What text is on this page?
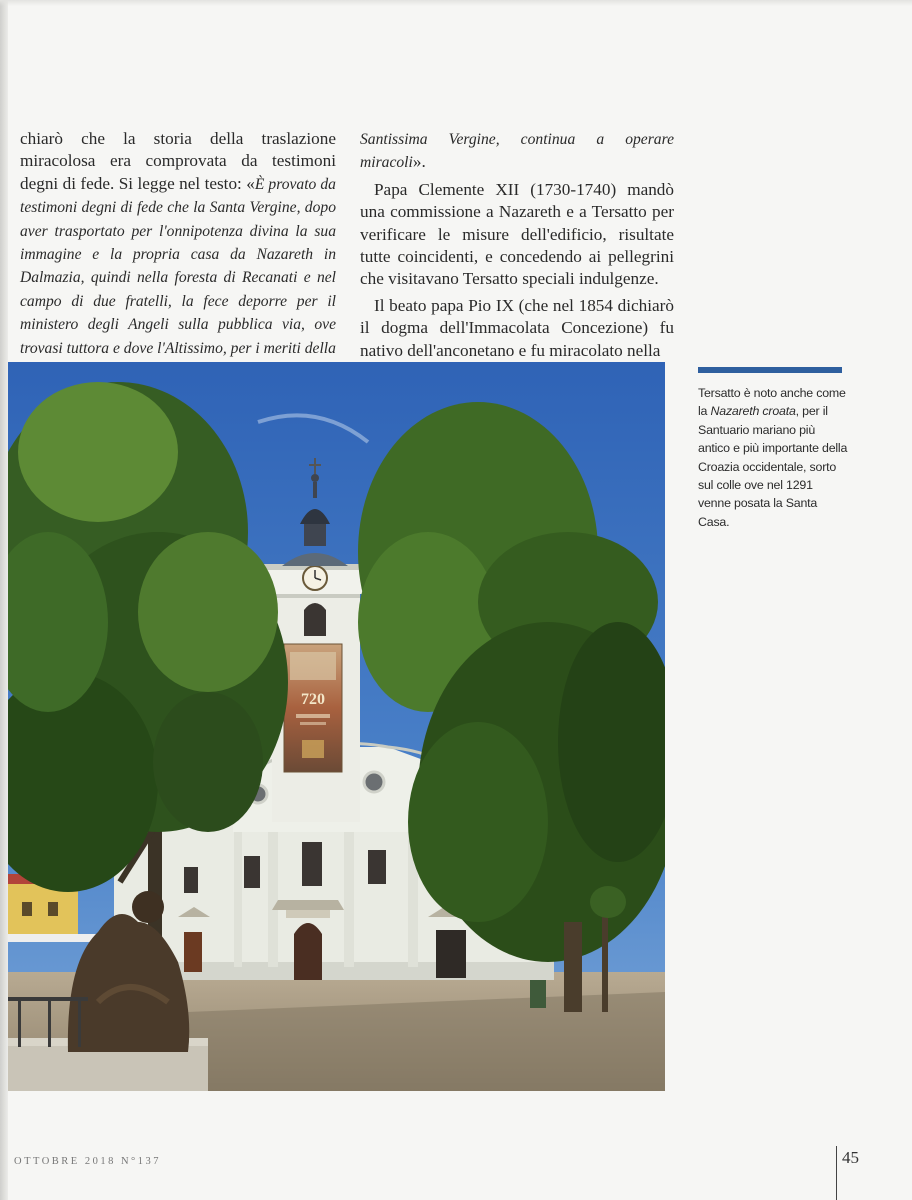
chiarò che la storia della traslazione miracolosa era comprovata da testimoni degni di fede. Si legge nel testo: «È provato da testimoni degni di fede che la Santa Vergine, dopo aver trasportato per l'onnipotenza divina la sua immagine e la propria casa da Nazareth in Dalmazia, quindi nella foresta di Recanati e nel campo di due fratelli, la fece deporre per il ministero degli Angeli sulla pubblica via, ove trovasi tuttora e dove l'Altissimo, per i meriti della

Santissima Vergine, continua a operare miracoli».

Papa Clemente XII (1730-1740) mandò una commissione a Nazareth e a Tersatto per verificare le misure dell'edificio, risultate tutte coincidenti, e concedendo ai pellegrini che visitavano Tersatto speciali indulgenze.

Il beato papa Pio IX (che nel 1854 dichiarò il dogma dell'Immacolata Concezione) fu nativo dell'anconetano e fu miracolato nella

720
Tersatto è noto anche come la Nazareth croata, per il Santuario mariano più antico e più importante della Croazia occidentale, sorto sul colle ove nel 1291 venne posata la Santa Casa.
OTTOBRE 2018 N°137	45
